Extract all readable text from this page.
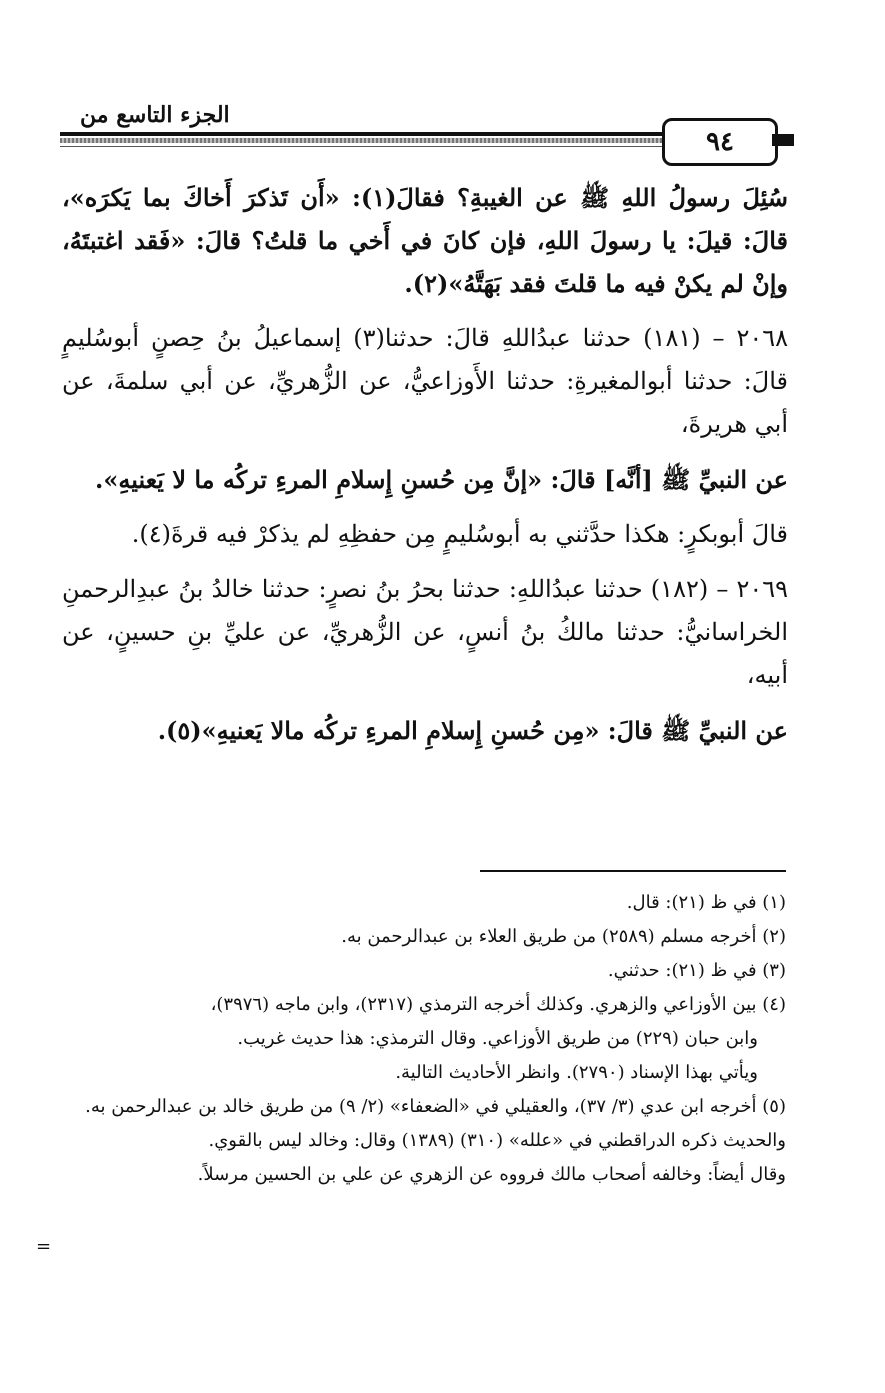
الجزء التاسع من
٩٤

سُئِلَ رسولُ اللهِ ﷺ عن الغيبةِ؟ فقالَ(١): «أَن تَذكرَ أَخاكَ بما يَكرَه»، قالَ: قيلَ: يا رسولَ اللهِ، فإن كانَ في أَخي ما قلتُ؟ قالَ: «فَقد اغتبتَهُ، وإنْ لم يكنْ فيه ما قلتَ فقد بَهَتَّهُ»(٢).

٢٠٦٨ – (١٨١) حدثنا عبدُاللهِ قالَ: حدثنا(٣) إسماعيلُ بنُ حِصنٍ أبوسُليمٍ قالَ: حدثنا أبوالمغيرةِ: حدثنا الأَوزاعيُّ، عن الزُّهريِّ، عن أبي سلمةَ، عن أبي هريرةَ،

عن النبيِّ ﷺ [أنَّه] قالَ: «إنَّ مِن حُسنِ إِسلامِ المرءِ تركُه ما لا يَعنيهِ».

قالَ أبوبكرٍ: هكذا حدَّثني به أبوسُليمٍ مِن حفظِهِ لم يذكرْ فيه قرةَ(٤).

٢٠٦٩ – (١٨٢) حدثنا عبدُاللهِ: حدثنا بحرُ بنُ نصرٍ: حدثنا خالدُ بنُ عبدِالرحمنِ الخراسانيُّ: حدثنا مالكُ بنُ أنسٍ، عن الزُّهريِّ، عن عليِّ بنِ حسينٍ، عن أبيه،

عن النبيِّ ﷺ قالَ: «مِن حُسنِ إِسلامِ المرءِ تركُه مالا يَعنيهِ»(٥).

(١) في ظ (٢١): قال.

(٢) أخرجه مسلم (٢٥٨٩) من طريق العلاء بن عبدالرحمن به.

(٣) في ظ (٢١): حدثني.

(٤) بين الأوزاعي والزهري. وكذلك أخرجه الترمذي (٢٣١٧)، وابن ماجه (٣٩٧٦)،

وابن حبان (٢٢٩) من طريق الأوزاعي. وقال الترمذي: هذا حديث غريب.

ويأتي بهذا الإسناد (٢٧٩٠). وانظر الأحاديث التالية.

(٥) أخرجه ابن عدي (٣/ ٣٧)، والعقيلي في «الضعفاء» (٢/ ٩) من طريق خالد بن عبدالرحمن به.

والحديث ذكره الدراقطني في «علله» (٣١٠) (١٣٨٩) وقال: وخالد ليس بالقوي.

وقال أيضاً: وخالفه أصحاب مالك فرووه عن الزهري عن علي بن الحسين مرسلاً.

=
